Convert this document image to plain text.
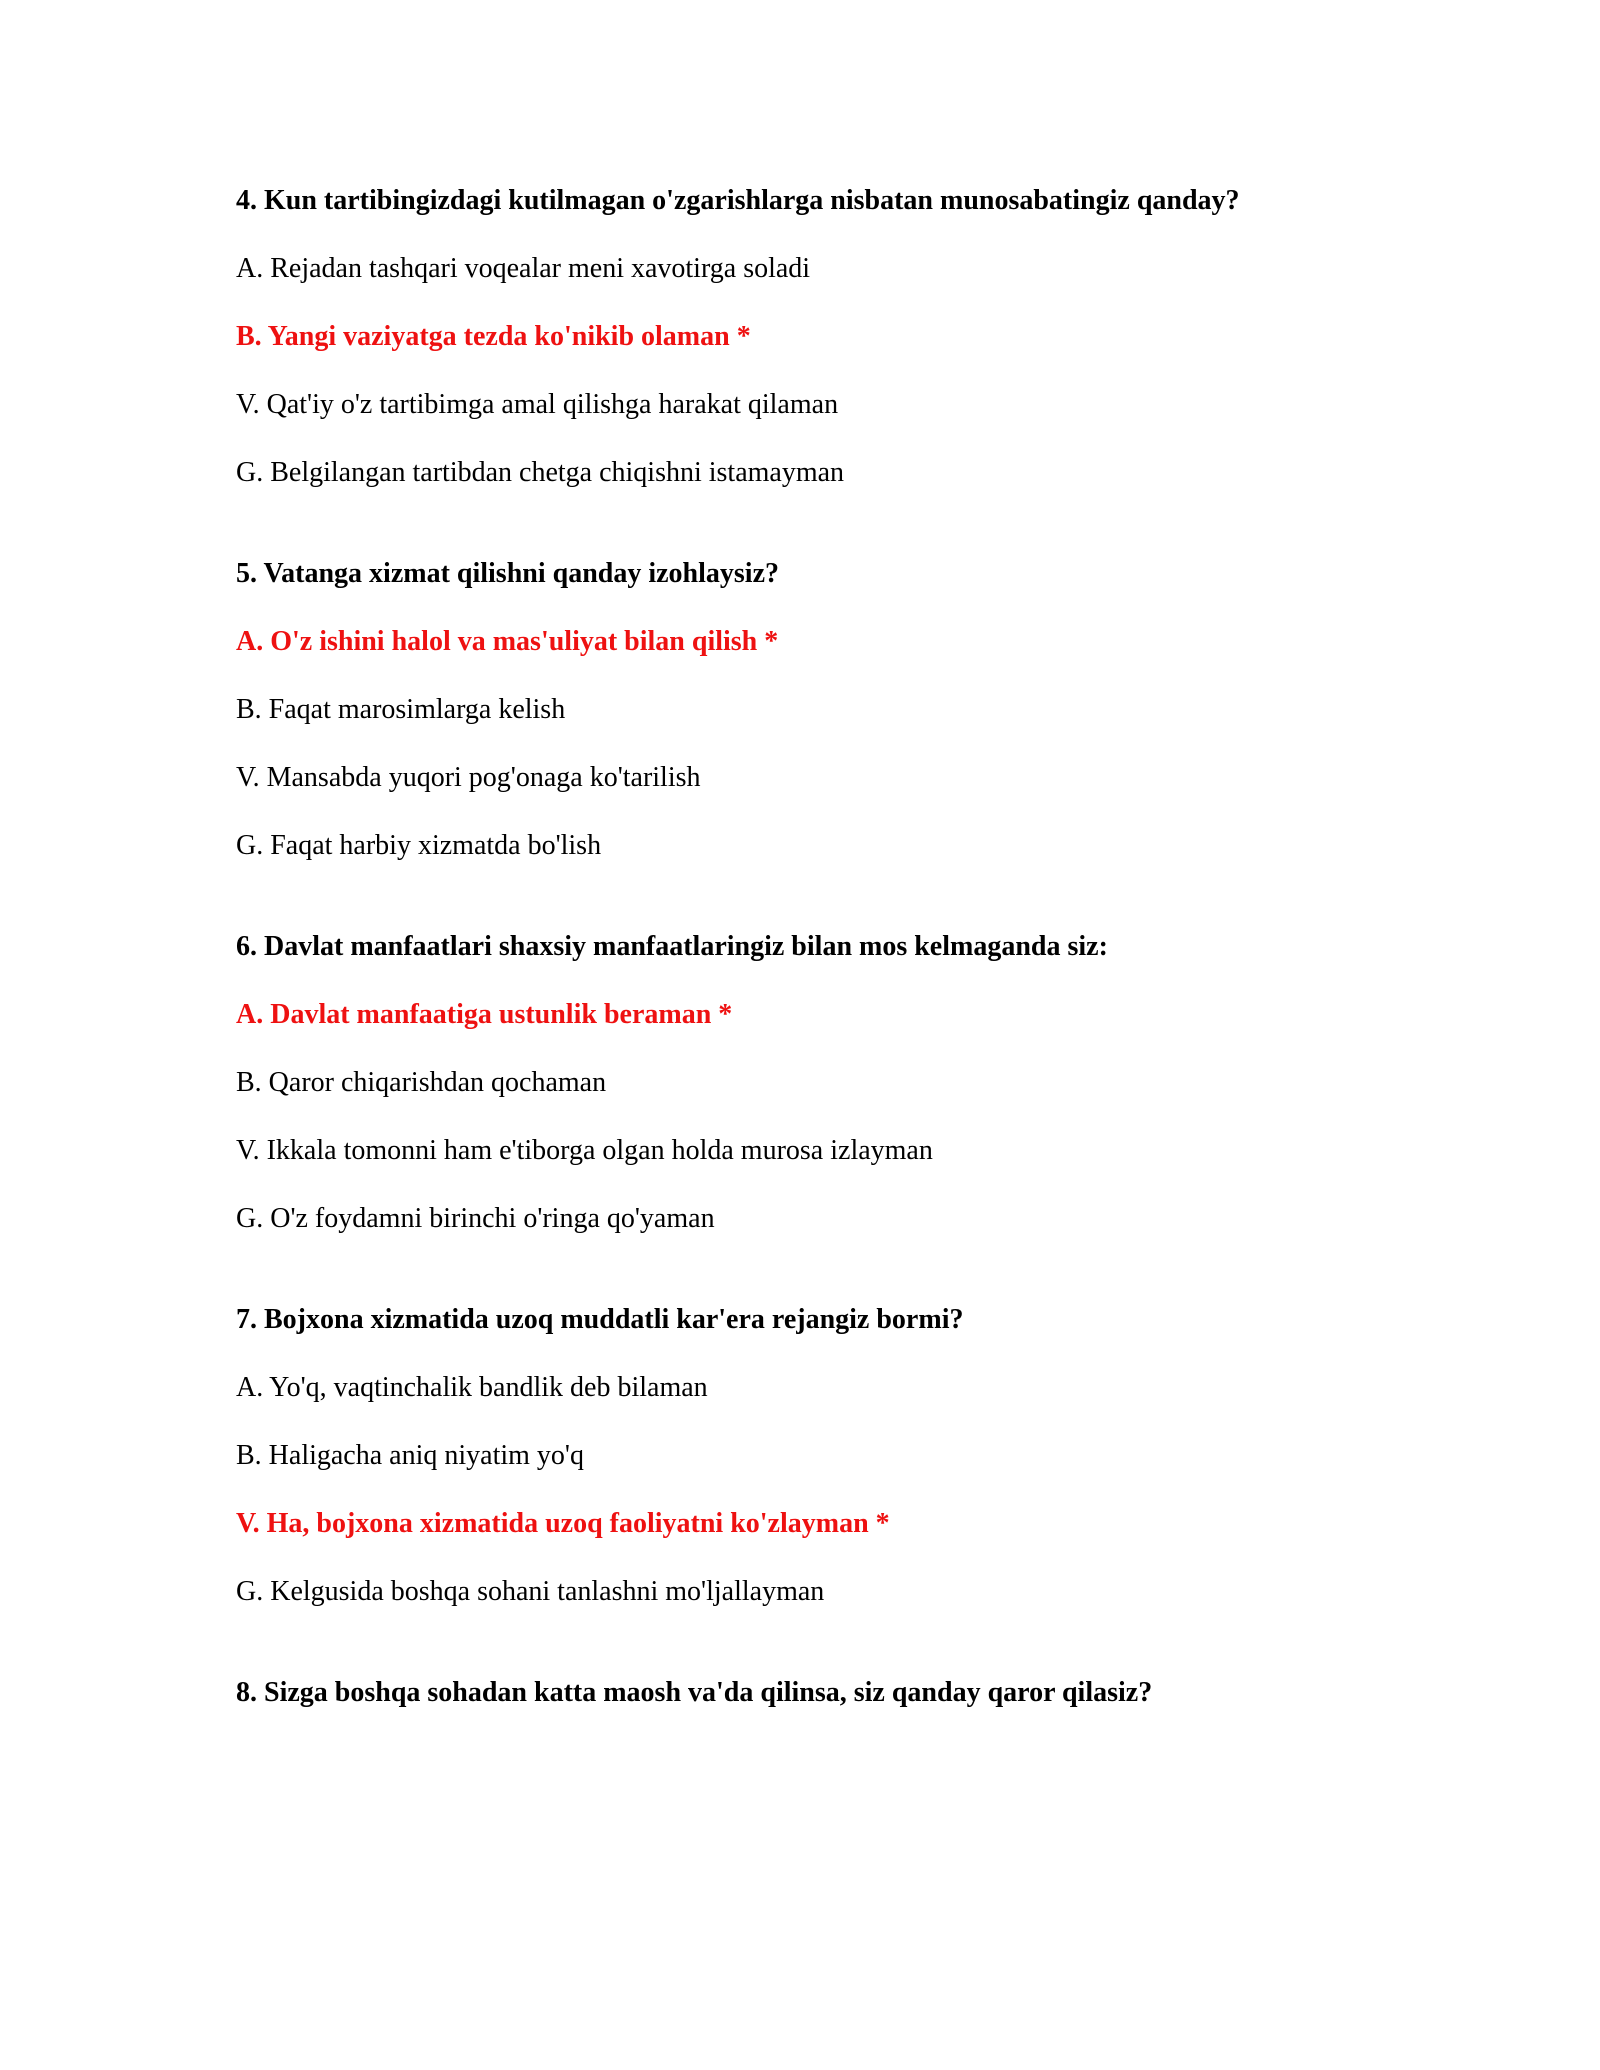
4. Kun tartibingizdagi kutilmagan o'zgarishlarga nisbatan munosabatingiz qanday?
A. Rejadan tashqari voqealar meni xavotirga soladi
B. Yangi vaziyatga tezda ko'nikib olaman *
V. Qat'iy o'z tartibimga amal qilishga harakat qilaman
G. Belgilangan tartibdan chetga chiqishni istamayman
5. Vatanga xizmat qilishni qanday izohlaysiz?
A. O'z ishini halol va mas'uliyat bilan qilish *
B. Faqat marosimlarga kelish
V. Mansabda yuqori pog'onaga ko'tarilish
G. Faqat harbiy xizmatda bo'lish
6. Davlat manfaatlari shaxsiy manfaatlaringiz bilan mos kelmaganda siz:
A. Davlat manfaatiga ustunlik beraman *
B. Qaror chiqarishdan qochaman
V. Ikkala tomonni ham e'tiborga olgan holda murosa izlayman
G. O'z foydamni birinchi o'ringa qo'yaman
7. Bojxona xizmatida uzoq muddatli kar'era rejangiz bormi?
A. Yo'q, vaqtinchalik bandlik deb bilaman
B. Haligacha aniq niyatim yo'q
V. Ha, bojxona xizmatida uzoq faoliyatni ko'zlayman *
G. Kelgusida boshqa sohani tanlashni mo'ljallayman
8. Sizga boshqa sohadan katta maosh va'da qilinsa, siz qanday qaror qilasiz?
